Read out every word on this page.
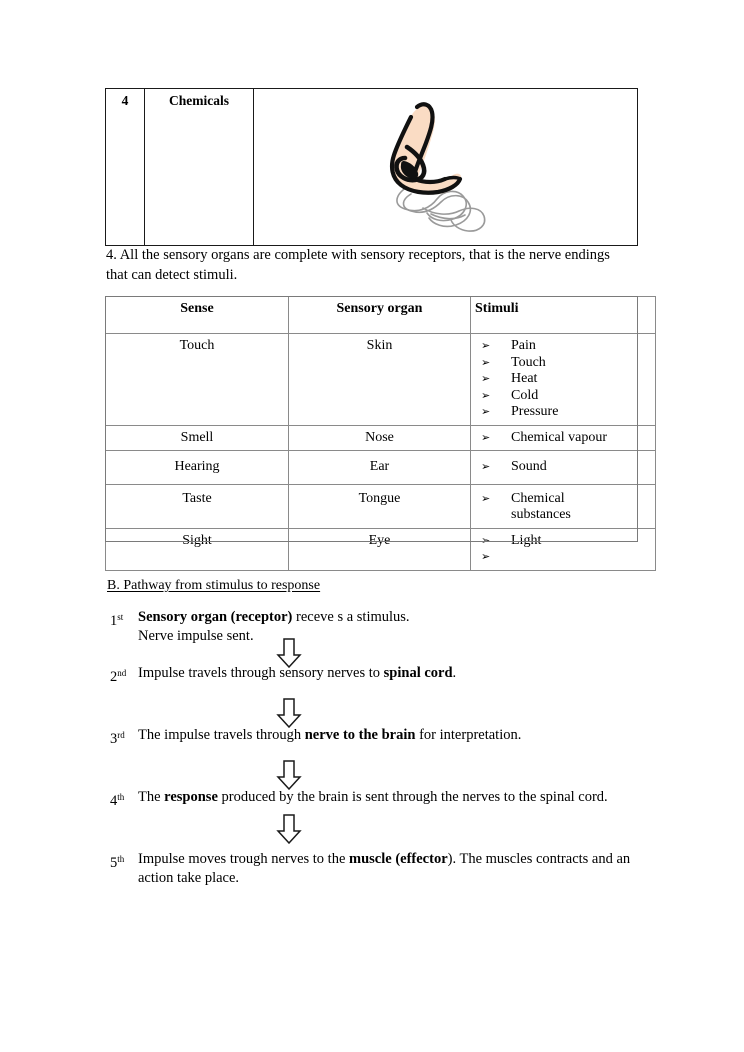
4	Chemicals	
4. All the sensory organs are complete with sensory receptors, that is the nerve endings that can detect stimuli.
Sense	Sensory organ	Stimuli
Touch	Skin	➢ Pain
➢ Touch
➢ Heat
➢ Cold
➢ Pressure

Smell	Nose	➢ Chemical vapour

Hearing	Ear	➢ Sound

Taste	Tongue	➢ Chemical substances

Sight	Eye	➢ Light
➢
B. Pathway from stimulus to response
1st	Sensory organ (receptor) receve s a stimulus.
Nerve impulse sent.
2nd Impulse travels through sensory nerves to spinal cord.
3rd The impulse travels through nerve to the brain for interpretation.
4th The response produced by the brain is sent through the nerves to the spinal cord.
5th Impulse moves trough nerves to the muscle (effector). The muscles contracts and an action take place.
